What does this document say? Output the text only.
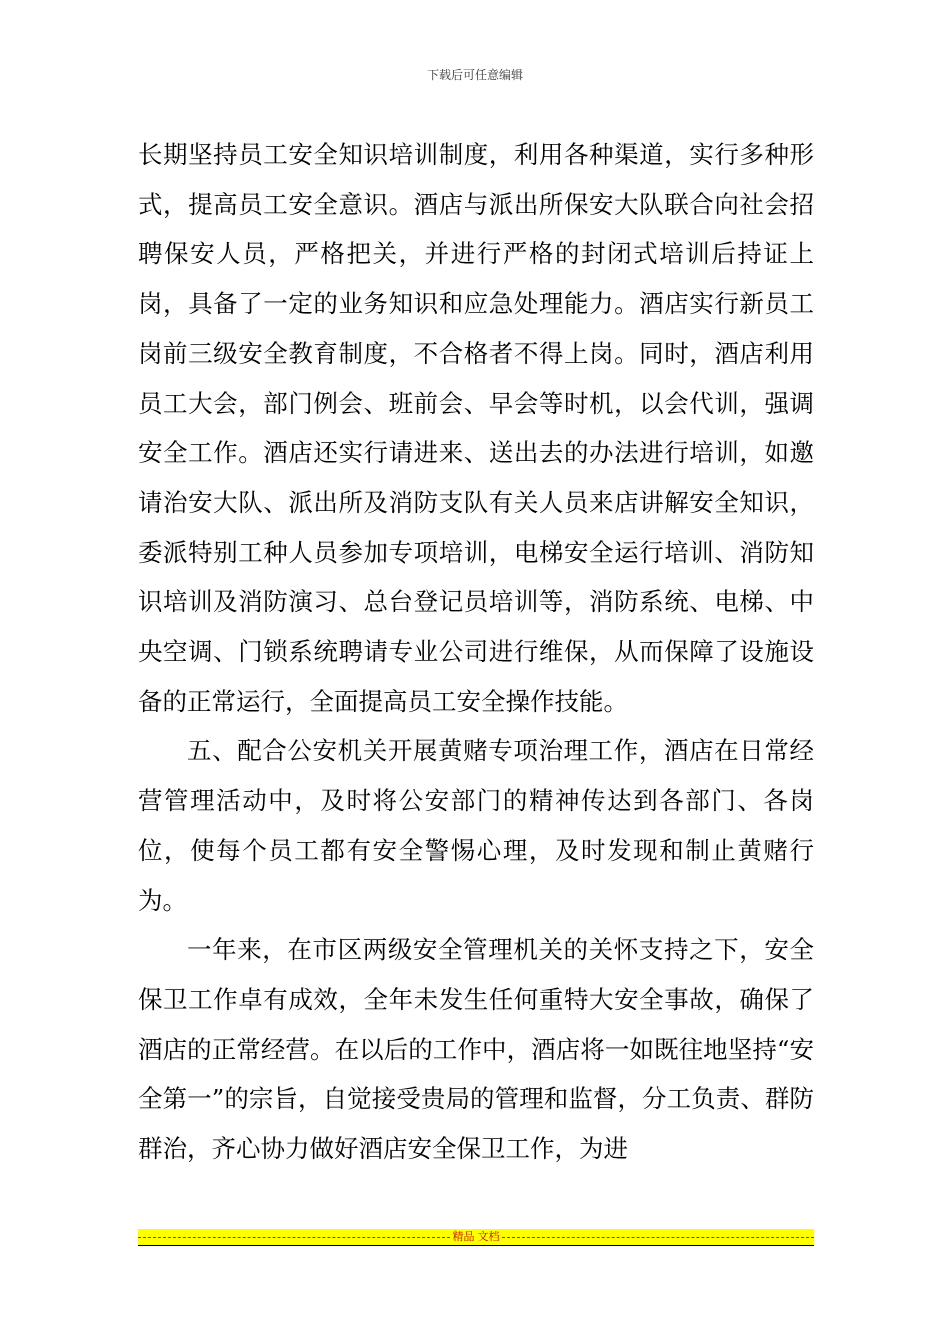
下载后可任意编辑

长期坚持员工安全知识培训制度，利用各种渠道，实行多种形式，提高员工安全意识。酒店与派出所保安大队联合向社会招聘保安人员，严格把关，并进行严格的封闭式培训后持证上岗，具备了一定的业务知识和应急处理能力。酒店实行新员工岗前三级安全教育制度，不合格者不得上岗。同时，酒店利用员工大会，部门例会、班前会、早会等时机，以会代训，强调安全工作。酒店还实行请进来、送出去的办法进行培训，如邀请治安大队、派出所及消防支队有关人员来店讲解安全知识，委派特别工种人员参加专项培训，电梯安全运行培训、消防知识培训及消防演习、总台登记员培训等，消防系统、电梯、中央空调、门锁系统聘请专业公司进行维保，从而保障了设施设备的正常运行，全面提高员工安全操作技能。

五、配合公安机关开展黄赌专项治理工作，酒店在日常经营管理活动中，及时将公安部门的精神传达到各部门、各岗位，使每个员工都有安全警惕心理，及时发现和制止黄赌行为。

一年来，在市区两级安全管理机关的关怀支持之下，安全保卫工作卓有成效，全年未发生任何重特大安全事故，确保了酒店的正常经营。在以后的工作中，酒店将一如既往地坚持“安全第一”的宗旨，自觉接受贵局的管理和监督，分工负责、群防群治，齐心协力做好酒店安全保卫工作，为进

精品 文档
